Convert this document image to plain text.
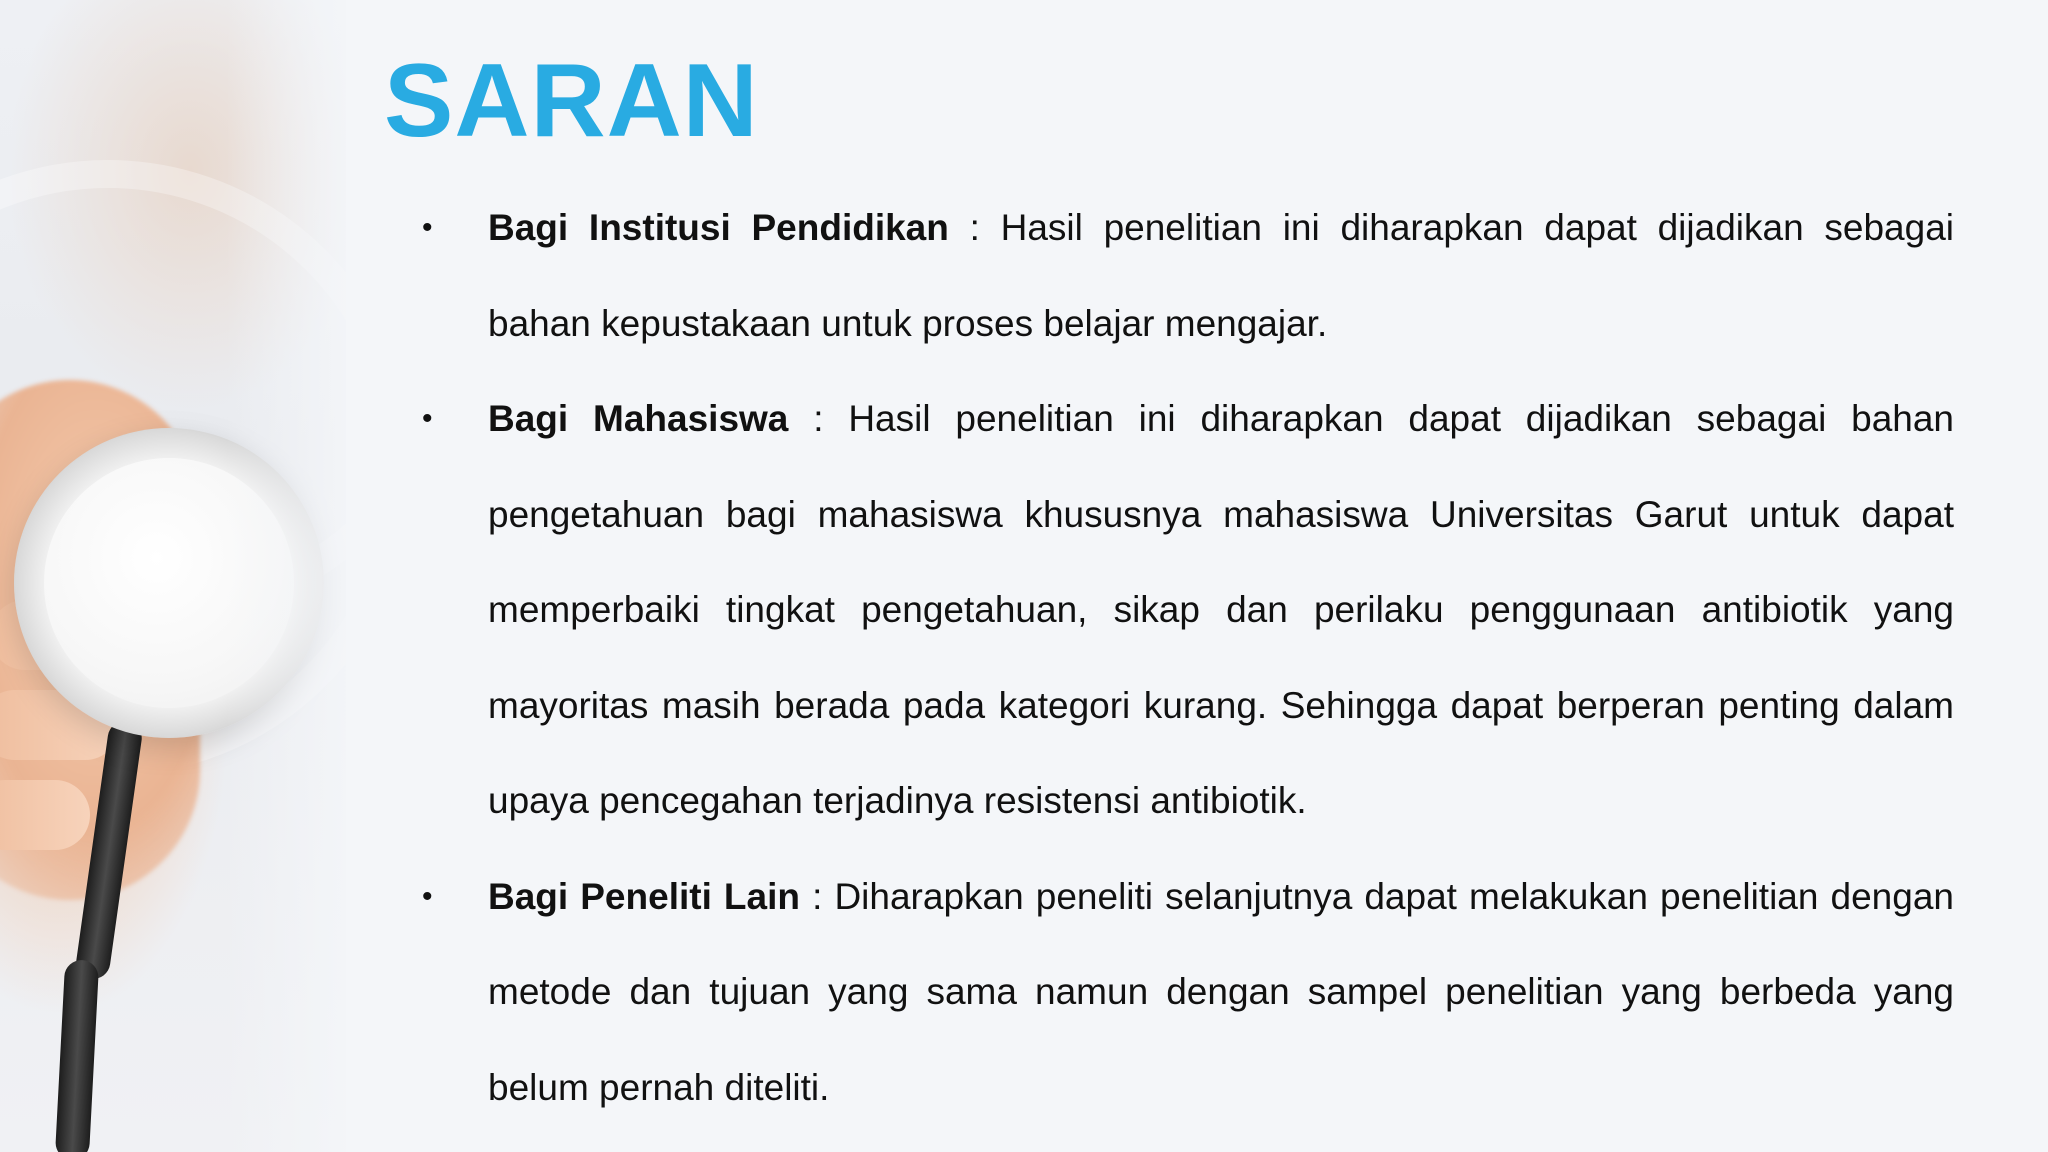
SARAN
• Bagi Institusi Pendidikan : Hasil penelitian ini diharapkan dapat dijadikan sebagai bahan kepustakaan untuk proses belajar mengajar.
• Bagi Mahasiswa : Hasil penelitian ini diharapkan dapat dijadikan sebagai bahan pengetahuan bagi mahasiswa khususnya mahasiswa Universitas Garut untuk dapat memperbaiki tingkat pengetahuan, sikap dan perilaku penggunaan antibiotik yang mayoritas masih berada pada kategori kurang. Sehingga dapat berperan penting dalam upaya pencegahan terjadinya resistensi antibiotik.
• Bagi Peneliti Lain : Diharapkan peneliti selanjutnya dapat melakukan penelitian dengan metode dan tujuan yang sama namun dengan sampel penelitian yang berbeda yang belum pernah diteliti.
